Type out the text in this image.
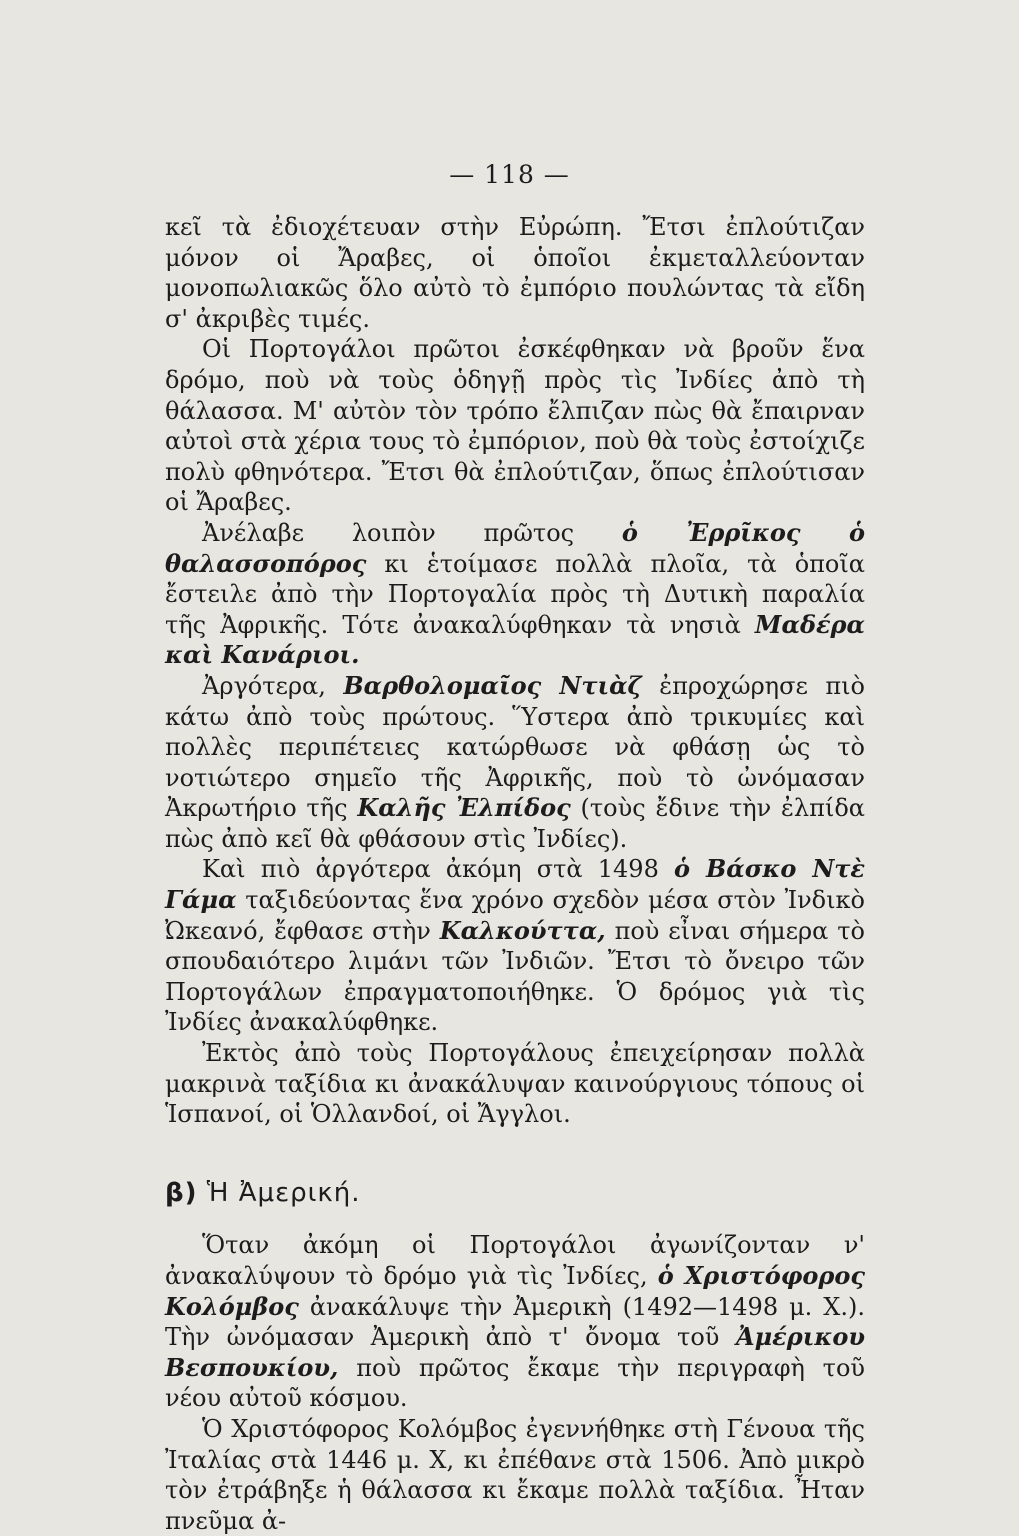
— 118 —

κεῖ τὰ ἐδιοχέτευαν στὴν Εὐρώπη. Ἔτσι ἐπλούτιζαν μόνον οἱ Ἄραβες, οἱ ὁποῖοι ἐκμεταλλεύονταν μονοπωλιακῶς ὅλο αὐτὸ τὸ ἐμπόριο πουλώντας τὰ εἴδη σ' ἀκριβὲς τιμές.

Οἱ Πορτογάλοι πρῶτοι ἐσκέφθηκαν νὰ βροῦν ἕνα δρόμο, ποὺ νὰ τοὺς ὁδηγῇ πρὸς τὶς Ἰνδίες ἀπὸ τὴ θάλασσα. Μ' αὐτὸν τὸν τρόπο ἔλπιζαν πὼς θὰ ἔπαιρναν αὐτοὶ στὰ χέρια τους τὸ ἐμπόριον, ποὺ θὰ τοὺς ἐστοίχιζε πολὺ φθηνότερα. Ἔτσι θὰ ἐπλούτιζαν, ὅπως ἐπλούτισαν οἱ Ἄραβες.

Ἀνέλαβε λοιπὸν πρῶτος ὁ Ἐρρῖκος ὁ θαλασσοπόρος κι ἑτοίμασε πολλὰ πλοῖα, τὰ ὁποῖα ἔστειλε ἀπὸ τὴν Πορτογαλία πρὸς τὴ Δυτικὴ παραλία τῆς Ἀφρικῆς. Τότε ἀνακαλύφθηκαν τὰ νησιὰ Μαδέρα καὶ Κανάριοι.

Ἀργότερα, Βαρθολομαῖος Ντιὰζ ἐπροχώρησε πιὸ κάτω ἀπὸ τοὺς πρώτους. Ὕστερα ἀπὸ τρικυμίες καὶ πολλὲς περιπέτειες κατώρθωσε νὰ φθάσῃ ὡς τὸ νοτιώτερο σημεῖο τῆς Ἀφρικῆς, ποὺ τὸ ὠνόμασαν Ἀκρωτήριο τῆς Καλῆς Ἐλπίδος (τοὺς ἔδινε τὴν ἐλπίδα πὼς ἀπὸ κεῖ θὰ φθάσουν στὶς Ἰνδίες).

Καὶ πιὸ ἀργότερα ἀκόμη στὰ 1498 ὁ Βάσκο Ντὲ Γάμα ταξιδεύοντας ἕνα χρόνο σχεδὸν μέσα στὸν Ἰνδικὸ Ὠκεανό, ἔφθασε στὴν Καλκούττα, ποὺ εἶναι σήμερα τὸ σπουδαιότερο λιμάνι τῶν Ἰνδιῶν. Ἔτσι τὸ ὄνειρο τῶν Πορτογάλων ἐπραγματοποιήθηκε. Ὁ δρόμος γιὰ τὶς Ἰνδίες ἀνακαλύφθηκε.

Ἐκτὸς ἀπὸ τοὺς Πορτογάλους ἐπειχείρησαν πολλὰ μακρινὰ ταξίδια κι ἀνακάλυψαν καινούργιους τόπους οἱ Ἱσπανοί, οἱ Ὁλλανδοί, οἱ Ἄγγλοι.

β) Ἡ Ἀμερική.

Ὅταν ἀκόμη οἱ Πορτογάλοι ἀγωνίζονταν ν' ἀνακαλύψουν τὸ δρόμο γιὰ τὶς Ἰνδίες, ὁ Χριστόφορος Κολόμβος ἀνακάλυψε τὴν Ἀμερικὴ (1492—1498 μ. Χ.). Τὴν ὠνόμασαν Ἀμερικὴ ἀπὸ τ' ὄνομα τοῦ Ἀμέρικου Βεσπουκίου, ποὺ πρῶτος ἔκαμε τὴν περιγραφὴ τοῦ νέου αὐτοῦ κόσμου.

Ὁ Χριστόφορος Κολόμβος ἐγεννήθηκε στὴ Γένουα τῆς Ἰταλίας στὰ 1446 μ. Χ, κι ἐπέθανε στὰ 1506. Ἀπὸ μικρὸ τὸν ἐτράβηξε ἡ θάλασσα κι ἔκαμε πολλὰ ταξίδια. Ἦταν πνεῦμα ἀ-
